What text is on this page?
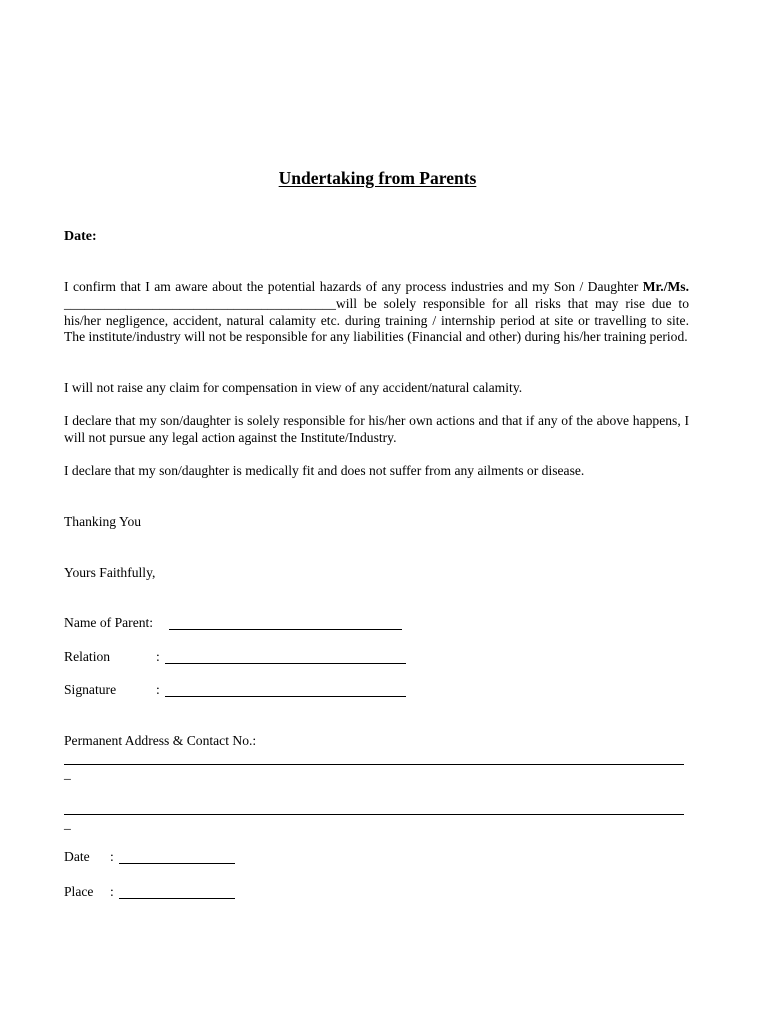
Undertaking from Parents
Date:

I confirm that I am aware about the potential hazards of any process industries and my Son / Daughter Mr./Ms. ________________________________________will be solely responsible for all risks that may rise due to his/her negligence, accident, natural calamity etc. during training / internship period at site or travelling to site. The institute/industry will not be responsible for any liabilities (Financial and other) during his/her training period.

I will not raise any claim for compensation in view of any accident/natural calamity.

I declare that my son/daughter is solely responsible for his/her own actions and that if any of the above happens, I will not pursue any legal action against the Institute/Industry.

I declare that my son/daughter is medically fit and does not suffer from any ailments or disease.

Thanking You
Yours Faithfully,
Name of Parent:
Relation	:
Signature	:
Permanent Address & Contact No.:
_
_
Date :
Place :
